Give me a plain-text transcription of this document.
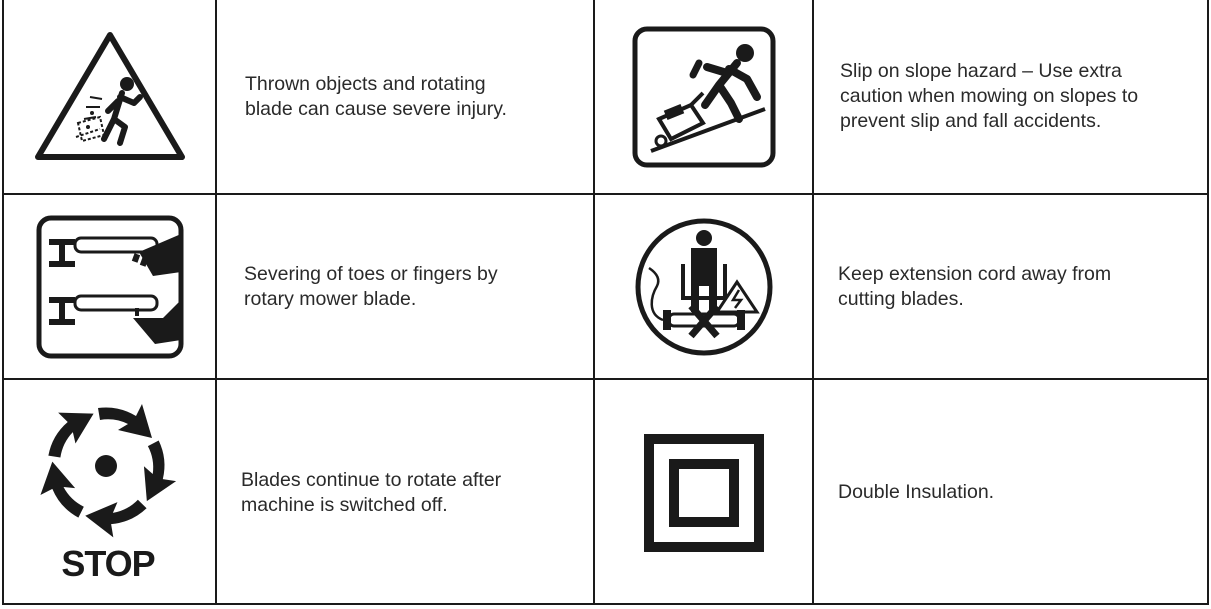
Thrown objects and rotating
blade can cause severe injury.

Slip on slope hazard – Use extra
caution when mowing on slopes to
prevent slip and fall accidents.

Severing of toes or fingers by
rotary mower blade.

Keep extension cord away from
cutting blades.

STOP

Blades continue to rotate after
machine is switched off.

Double Insulation.
